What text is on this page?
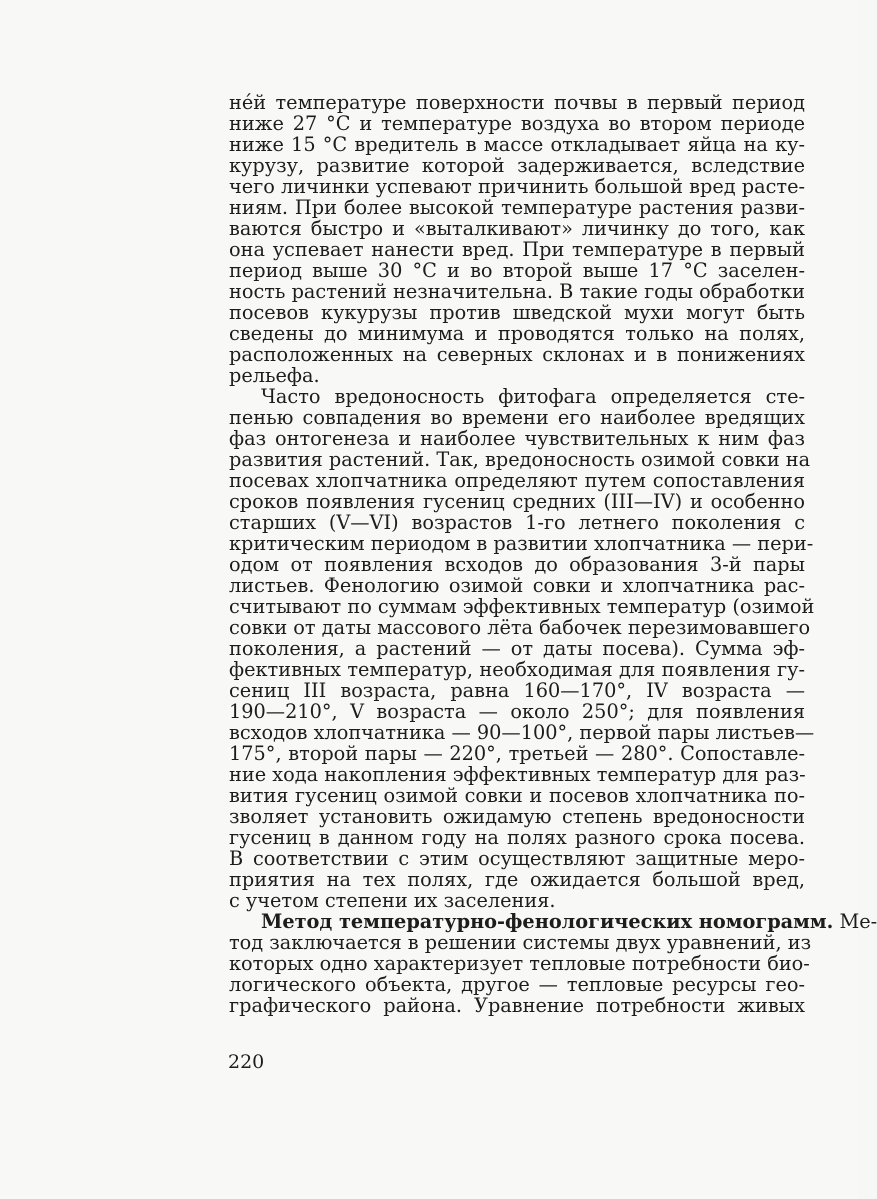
нéй температуре поверхности почвы в первый период
ниже 27 °С и температуре воздуха во втором периоде
ниже 15 °С вредитель в массе откладывает яйца на ку-
курузу, развитие которой задерживается, вследствие
чего личинки успевают причинить большой вред расте-
ниям. При более высокой температуре растения разви-
ваются быстро и «выталкивают» личинку до того, как
она успевает нанести вред. При температуре в первый
период выше 30 °С и во второй выше 17 °С заселен-
ность растений незначительна. В такие годы обработки
посевов кукурузы против шведской мухи могут быть
сведены до минимума и проводятся только на полях,
расположенных на северных склонах и в понижениях
рельефа.

Часто вредоносность фитофага определяется сте-
пенью совпадения во времени его наиболее вредящих
фаз онтогенеза и наиболее чувствительных к ним фаз
развития растений. Так, вредоносность озимой совки на
посевах хлопчатника определяют путем сопоставления
сроков появления гусениц средних (III—IV) и особенно
старших (V—VI) возрастов 1-го летнего поколения с
критическим периодом в развитии хлопчатника — пери-
одом от появления всходов до образования 3-й пары
листьев. Фенологию озимой совки и хлопчатника рас-
считывают по суммам эффективных температур (озимой
совки от даты массового лёта бабочек перезимовавшего
поколения, а растений — от даты посева). Сумма эф-
фективных температур, необходимая для появления гу-
сениц III возраста, равна 160—170°, IV возраста —
190—210°, V возраста — около 250°; для появления
всходов хлопчатника — 90—100°, первой пары листьев—
175°, второй пары — 220°, третьей — 280°. Сопоставле-
ние хода накопления эффективных температур для раз-
вития гусениц озимой совки и посевов хлопчатника по-
зволяет установить ожидамую степень вредоносности
гусениц в данном году на полях разного срока посева.
В соответствии с этим осуществляют защитные меро-
приятия на тех полях, где ожидается большой вред,
с учетом степени их заселения.

Метод температурно-фенологических номограмм. Ме-
тод заключается в решении системы двух уравнений, из
которых одно характеризует тепловые потребности био-
логического объекта, другое — тепловые ресурсы гео-
графического района. Уравнение потребности живых

220
